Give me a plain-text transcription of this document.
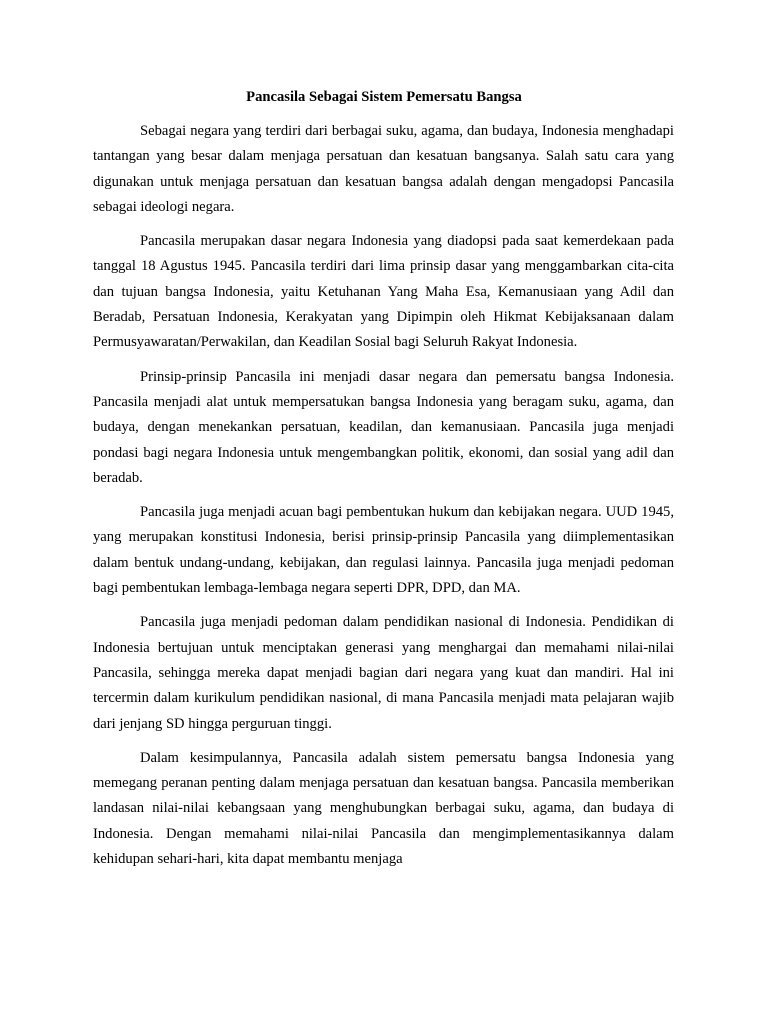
Pancasila Sebagai Sistem Pemersatu Bangsa

Sebagai negara yang terdiri dari berbagai suku, agama, dan budaya, Indonesia menghadapi tantangan yang besar dalam menjaga persatuan dan kesatuan bangsanya. Salah satu cara yang digunakan untuk menjaga persatuan dan kesatuan bangsa adalah dengan mengadopsi Pancasila sebagai ideologi negara.

Pancasila merupakan dasar negara Indonesia yang diadopsi pada saat kemerdekaan pada tanggal 18 Agustus 1945. Pancasila terdiri dari lima prinsip dasar yang menggambarkan cita-cita dan tujuan bangsa Indonesia, yaitu Ketuhanan Yang Maha Esa, Kemanusiaan yang Adil dan Beradab, Persatuan Indonesia, Kerakyatan yang Dipimpin oleh Hikmat Kebijaksanaan dalam Permusyawaratan/Perwakilan, dan Keadilan Sosial bagi Seluruh Rakyat Indonesia.

Prinsip-prinsip Pancasila ini menjadi dasar negara dan pemersatu bangsa Indonesia. Pancasila menjadi alat untuk mempersatukan bangsa Indonesia yang beragam suku, agama, dan budaya, dengan menekankan persatuan, keadilan, dan kemanusiaan. Pancasila juga menjadi pondasi bagi negara Indonesia untuk mengembangkan politik, ekonomi, dan sosial yang adil dan beradab.

Pancasila juga menjadi acuan bagi pembentukan hukum dan kebijakan negara. UUD 1945, yang merupakan konstitusi Indonesia, berisi prinsip-prinsip Pancasila yang diimplementasikan dalam bentuk undang-undang, kebijakan, dan regulasi lainnya. Pancasila juga menjadi pedoman bagi pembentukan lembaga-lembaga negara seperti DPR, DPD, dan MA.

Pancasila juga menjadi pedoman dalam pendidikan nasional di Indonesia. Pendidikan di Indonesia bertujuan untuk menciptakan generasi yang menghargai dan memahami nilai-nilai Pancasila, sehingga mereka dapat menjadi bagian dari negara yang kuat dan mandiri. Hal ini tercermin dalam kurikulum pendidikan nasional, di mana Pancasila menjadi mata pelajaran wajib dari jenjang SD hingga perguruan tinggi.

Dalam kesimpulannya, Pancasila adalah sistem pemersatu bangsa Indonesia yang memegang peranan penting dalam menjaga persatuan dan kesatuan bangsa. Pancasila memberikan landasan nilai-nilai kebangsaan yang menghubungkan berbagai suku, agama, dan budaya di Indonesia. Dengan memahami nilai-nilai Pancasila dan mengimplementasikannya dalam kehidupan sehari-hari, kita dapat membantu menjaga
